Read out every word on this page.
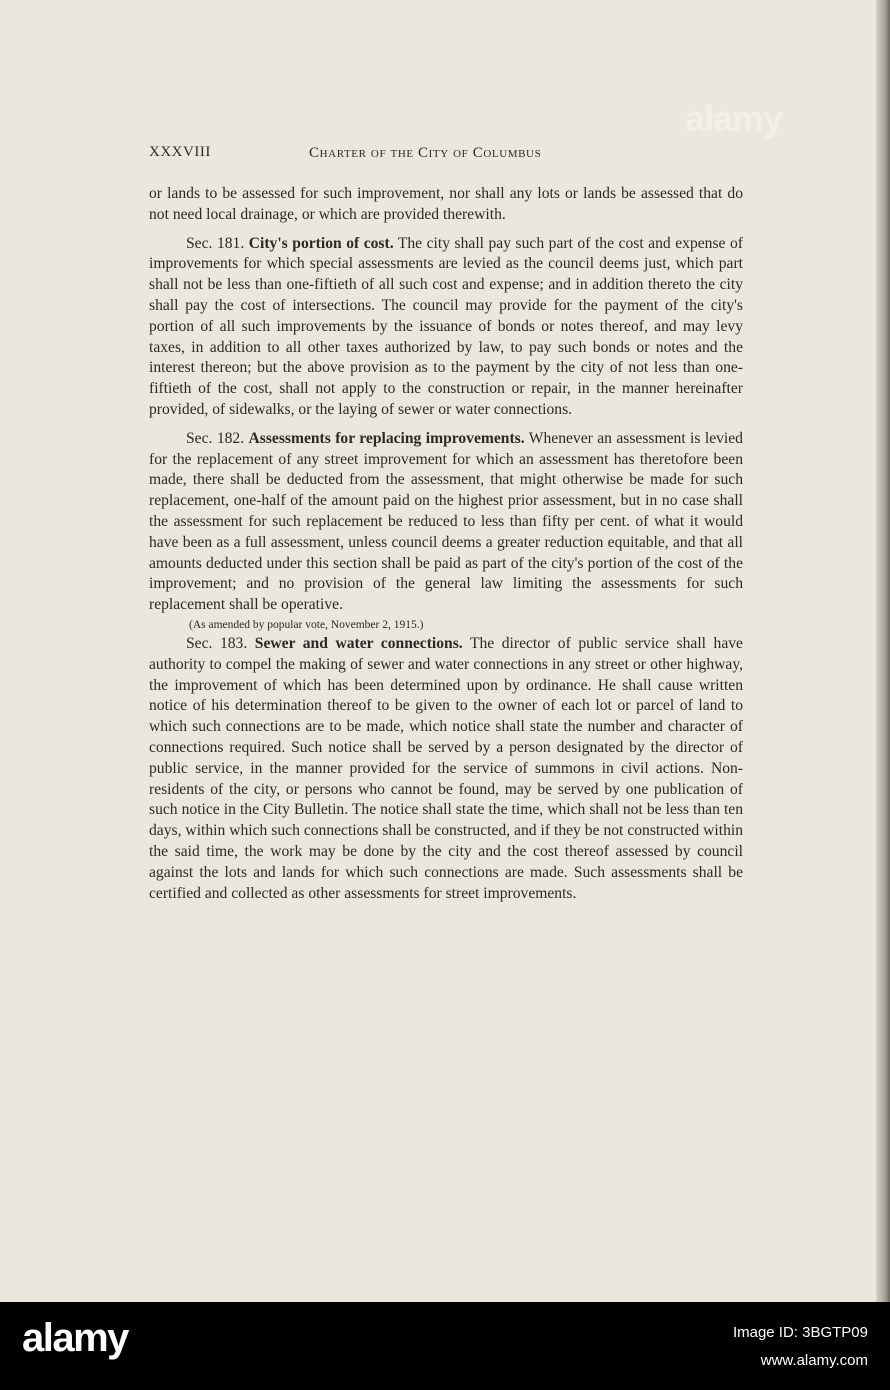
XXXVIII	Charter of the City of Columbus
alamy

or lands to be assessed for such improvement, nor shall any lots or lands be assessed that do not need local drainage, or which are provided therewith.

Sec. 181. City's portion of cost. The city shall pay such part of the cost and expense of improvements for which special assessments are levied as the council deems just, which part shall not be less than one-fiftieth of all such cost and expense; and in addition thereto the city shall pay the cost of intersections. The council may provide for the payment of the city's portion of all such improvements by the issuance of bonds or notes thereof, and may levy taxes, in addition to all other taxes authorized by law, to pay such bonds or notes and the interest thereon; but the above provision as to the payment by the city of not less than one-fiftieth of the cost, shall not apply to the construction or repair, in the manner hereinafter provided, of sidewalks, or the laying of sewer or water connections.

Sec. 182. Assessments for replacing improvements. Whenever an assessment is levied for the replacement of any street improvement for which an assessment has theretofore been made, there shall be deducted from the assessment, that might otherwise be made for such replacement, one-half of the amount paid on the highest prior assessment, but in no case shall the assessment for such replacement be reduced to less than fifty per cent. of what it would have been as a full assessment, unless council deems a greater reduction equitable, and that all amounts deducted under this section shall be paid as part of the city's portion of the cost of the improvement; and no provision of the general law limiting the assessments for such replacement shall be operative.

(As amended by popular vote, November 2, 1915.)

Sec. 183. Sewer and water connections. The director of public service shall have authority to compel the making of sewer and water connections in any street or other highway, the improvement of which has been determined upon by ordinance. He shall cause written notice of his determination thereof to be given to the owner of each lot or parcel of land to which such connections are to be made, which notice shall state the number and character of connections required. Such notice shall be served by a person designated by the director of public service, in the manner provided for the service of summons in civil actions. Non-residents of the city, or persons who cannot be found, may be served by one publication of such notice in the City Bulletin. The notice shall state the time, which shall not be less than ten days, within which such connections shall be constructed, and if they be not constructed within the said time, the work may be done by the city and the cost thereof assessed by council against the lots and lands for which such connections are made. Such assessments shall be certified and collected as other assessments for street improvements.

alamy	Image ID: 3BGTP09
www.alamy.com
